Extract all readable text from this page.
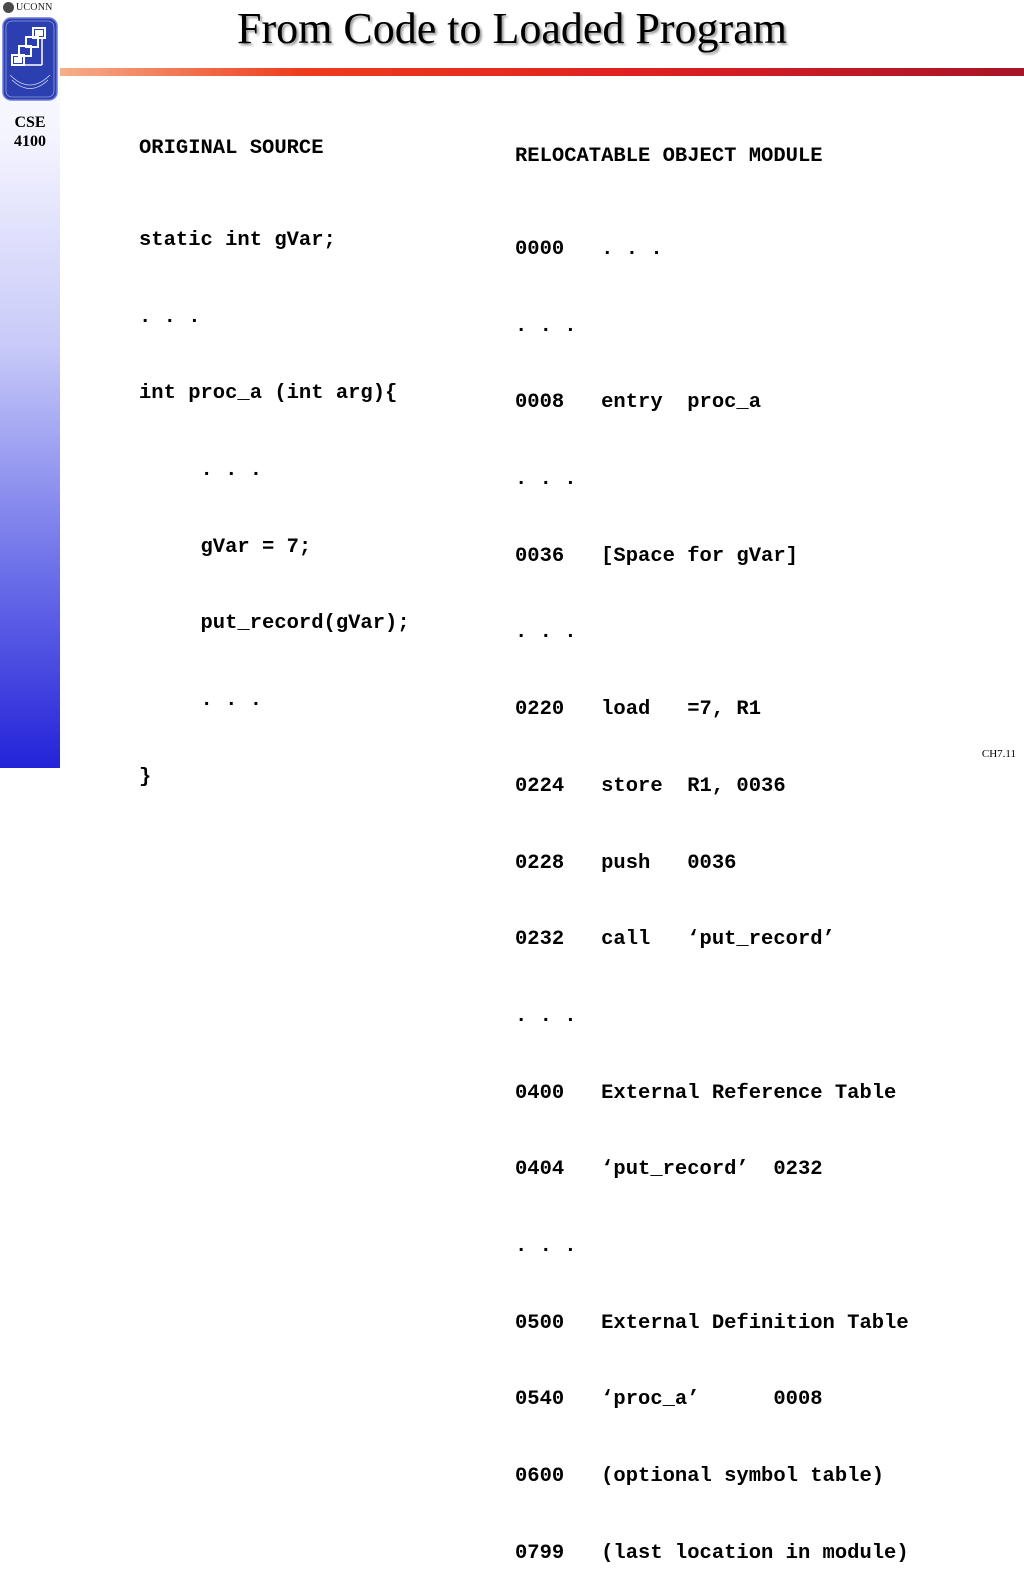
UCONN
CSE
4100
From Code to Loaded Program
ORIGINAL SOURCE

static int gVar;

. . .

int proc_a (int arg){

. . .

gVar = 7;

put_record(gVar);

. . .

}

RELOCATABLE OBJECT MODULE

0000   . . .

. . .

0008   entry  proc_a

. . .

0036   [Space for gVar]

. . .

0220   load   =7, R1

0224   store  R1, 0036

0228   push   0036

0232   call   ‘put_record’

. . .

0400   External Reference Table

0404   ‘put_record’  0232

. . .

0500   External Definition Table

0540   ‘proc_a’      0008

0600   (optional symbol table)

0799   (last location in module)

CH7.11
